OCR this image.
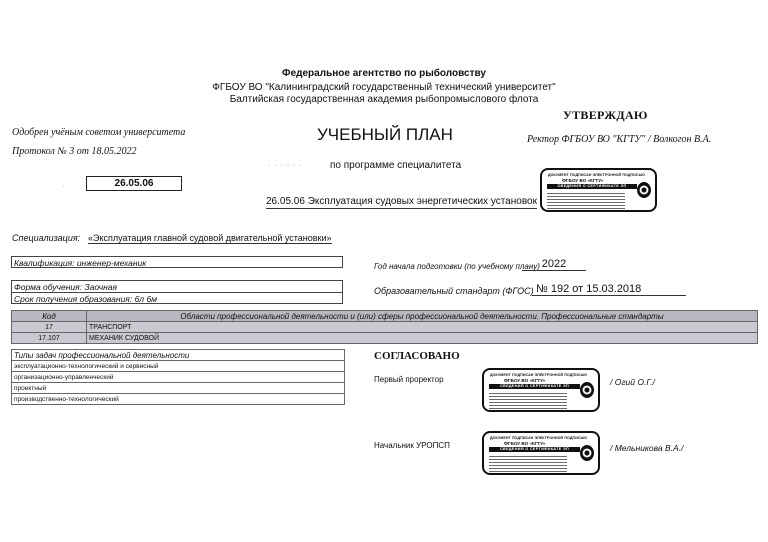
Федеральное агентство по рыболовству
ФГБОУ ВО "Калининградский государственный технический университет"
Балтийская государственная академия рыбопромыслового флота
УТВЕРЖДАЮ
Ректор ФГБОУ ВО "КГТУ" / Волкогон В.А.
Одобрен учёным советом университета
Протокол № 3 от 18.05.2022
УЧЕБНЫЙ ПЛАН
· · · · · ·	по программе специалитета
·	26.05.06
26.05.06 Эксплуатация судовых энергетических установок
ДОКУМЕНТ ПОДПИСАН ЭЛЕКТРОННОЙ ПОДПИСЬЮ
ФГБОУ ВО «КГТУ»
СВЕДЕНИЯ О СЕРТИФИКАТЕ ЭП
Специализация: «Эксплуатация главной судовой двигательной установки»
Квалификация: инженер-механик
Форма обучения: Заочная
Срок получения образования: 6л 6м
Год начала подготовки (по учебному плану) 2022
Образовательный стандарт (ФГОС) № 192 от 15.03.2018
Код	Области профессиональной деятельности и (или) сферы профессиональной деятельности. Профессиональные стандарты
17	ТРАНСПОРТ
17.107	МЕХАНИК СУДОВОЙ
Типы задач профессиональной деятельности
эксплуатационно-технологический и сервисный
организационно-управленческий
проектный
производственно-технологический
СОГЛАСОВАНО
Первый проректор	ДОКУМЕНТ ПОДПИСАН ЭЛЕКТРОННОЙ ПОДПИСЬЮ
ФГБОУ ВО «КГТУ»
СВЕДЕНИЯ О СЕРТИФИКАТЕ ЭП	/ Огий О.Г./
Начальник УРОПСП
ДОКУМЕНТ ПОДПИСАН ЭЛЕКТРОННОЙ ПОДПИСЬЮ
ФГБОУ ВО «КГТУ»
СВЕДЕНИЯ О СЕРТИФИКАТЕ ЭП	/ Мельникова В.А./
